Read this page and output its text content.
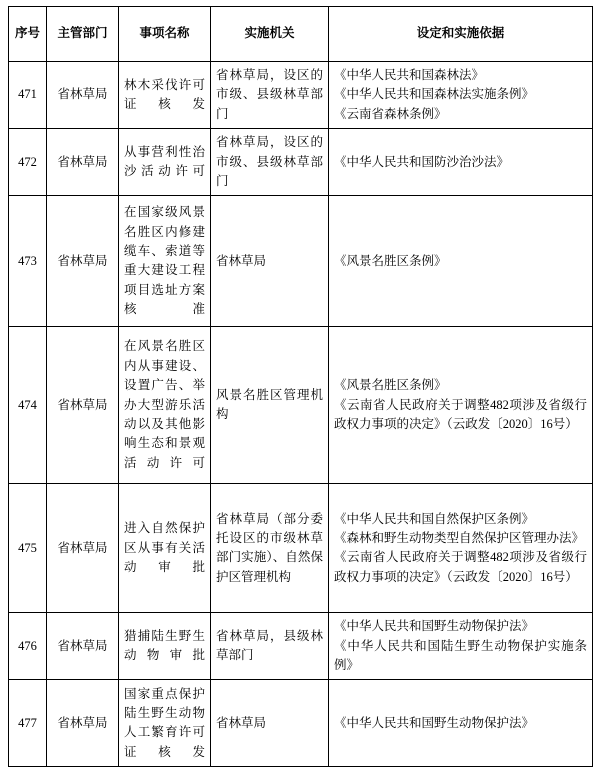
序号	主管部门	事项名称	实施机关	设定和实施依据
471	省林草局	林木采伐许可证核发	省林草局，设区的市级、县级林草部门	《中华人民共和国森林法》
《中华人民共和国森林法实施条例》
《云南省森林条例》

472	省林草局	从事营利性治沙活动许可	省林草局，设区的市级、县级林草部门	《中华人民共和国防沙治沙法》

473	省林草局	在国家级风景名胜区内修建缆车、索道等重大建设工程项目选址方案核准	省林草局	《风景名胜区条例》

474	省林草局	在风景名胜区内从事建设、设置广告、举办大型游乐活动以及其他影响生态和景观活动许可	风景名胜区管理机构	《风景名胜区条例》
《云南省人民政府关于调整482项涉及省级行政权力事项的决定》（云政发〔2020〕16号）

475	省林草局	进入自然保护区从事有关活动审批	省林草局（部分委托设区的市级林草部门实施）、自然保护区管理机构	《中华人民共和国自然保护区条例》
《森林和野生动物类型自然保护区管理办法》
《云南省人民政府关于调整482项涉及省级行政权力事项的决定》（云政发〔2020〕16号）

476	省林草局	猎捕陆生野生动物审批	省林草局，县级林草部门	《中华人民共和国野生动物保护法》
《中华人民共和国陆生野生动物保护实施条例》

477	省林草局	国家重点保护陆生野生动物人工繁育许可证核发	省林草局	《中华人民共和国野生动物保护法》
